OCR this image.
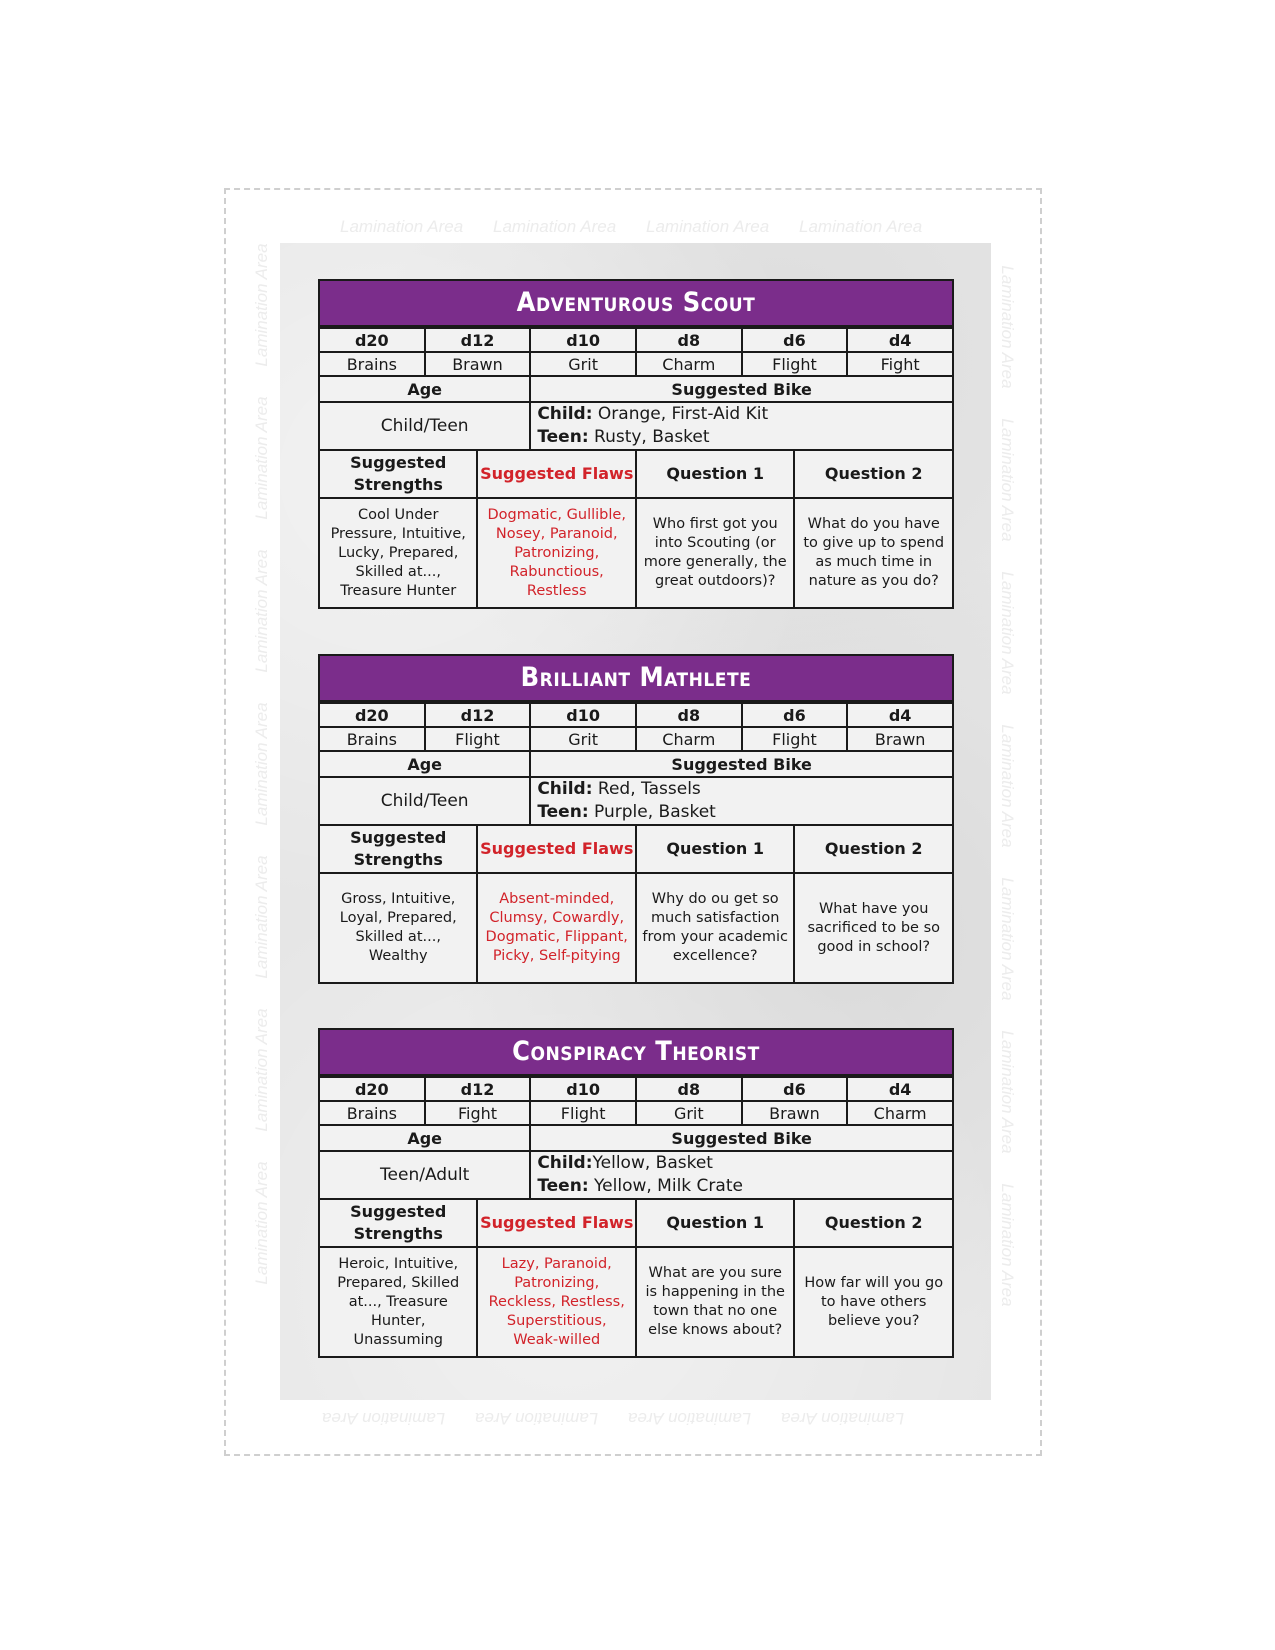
Lamination Area Lamination Area Lamination Area Lamination Area
Lamination Area Lamination Area Lamination Area Lamination Area
Lamination Area
Lamination Area
Lamination Area
Lamination Area
Lamination Area
Lamination Area
Lamination Area
Lamination Area
Lamination Area
Lamination Area
Lamination Area
Lamination Area
Lamination Area
Lamination Area
Adventurous Scout
d20	d12		d10	d8	d6		d4
Brains	Brawn		Grit	Charm	Flight		Fight
Age			Suggested Bike				
Child/Teen			Child: Orange, First-Aid Kit
Teen: Rusty, Basket				

Suggested Strengths		Suggested Flaws		Question 1		Question 2	
Cool Under Pressure, Intuitive, Lucky, Prepared, Skilled at..., Treasure Hunter		Dogmatic, Gullible, Nosey, Paranoid, Patronizing, Rabunctious, Restless		Who first got you into Scouting (or more generally, the great outdoors)?		What do you have to give up to spend as much time in nature as you do?	
Brilliant Mathlete
d20	d12		d10	d8	d6		d4
Brains	Flight		Grit	Charm	Flight		Brawn
Age			Suggested Bike				
Child/Teen			Child: Red, Tassels
Teen: Purple, Basket				

Suggested Strengths		Suggested Flaws		Question 1		Question 2	
Gross, Intuitive, Loyal, Prepared, Skilled at..., Wealthy		Absent-minded, Clumsy, Cowardly, Dogmatic, Flippant, Picky, Self-pitying		Why do ou get so much satisfaction from your academic excellence?		What have you sacrificed to be so good in school?	
Conspiracy Theorist
d20	d12		d10	d8	d6		d4
Brains	Fight		Flight	Grit	Brawn		Charm
Age			Suggested Bike				
Teen/Adult			Child:Yellow, Basket
Teen: Yellow, Milk Crate				

Suggested Strengths		Suggested Flaws		Question 1		Question 2	
Heroic, Intuitive, Prepared, Skilled at..., Treasure Hunter, Unassuming		Lazy, Paranoid, Patronizing, Reckless, Restless, Superstitious, Weak-willed		What are you sure is happening in the town that no one else knows about?		How far will you go to have others believe you?	
